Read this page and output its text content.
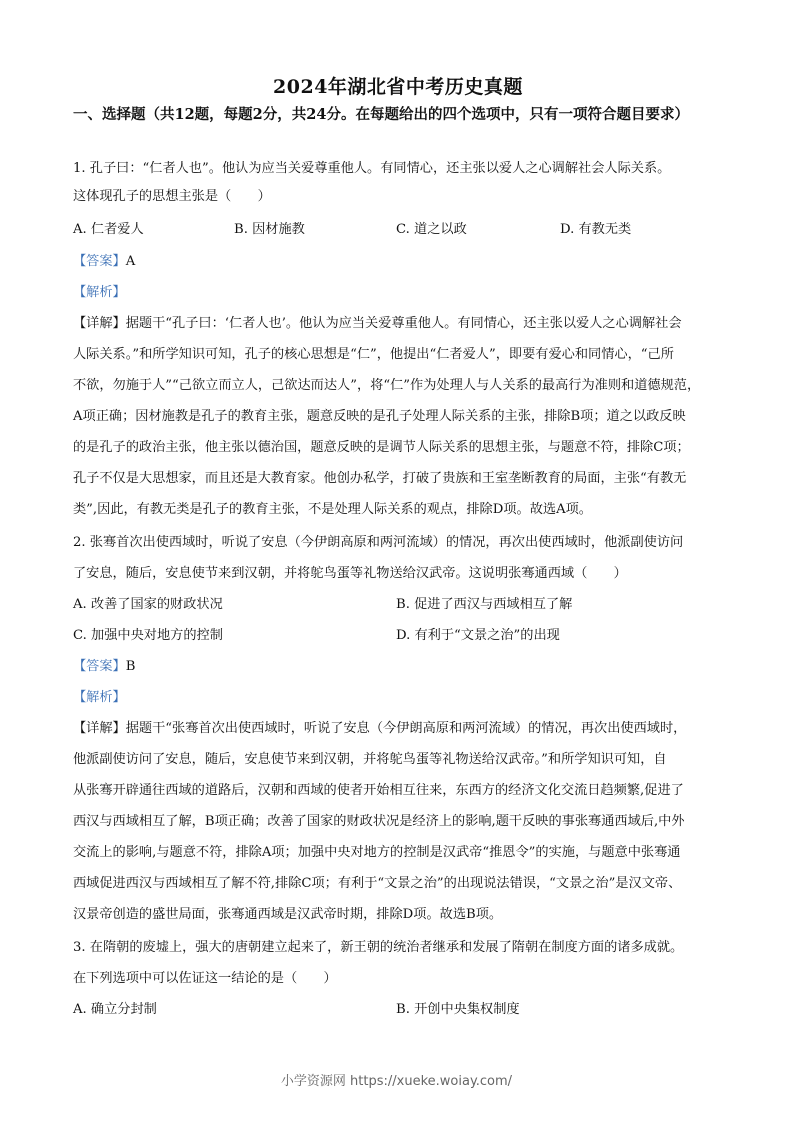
2024年湖北省中考历史真题
一、选择题（共12题，每题2分，共24分。在每题给出的四个选项中，只有一项符合题目要求）
1. 孔子曰：“仁者人也”。他认为应当关爱尊重他人。有同情心，还主张以爱人之心调解社会人际关系。
这体现孔子的思想主张是（　　）
A. 仁者爱人	B. 因材施教	C. 道之以政	D. 有教无类
【答案】A
【解析】
【详解】据题干“孔子曰：‘仁者人也’。他认为应当关爱尊重他人。有同情心，还主张以爱人之心调解社会
人际关系。”和所学知识可知，孔子的核心思想是“仁”，他提出“仁者爱人”，即要有爱心和同情心，“己所
不欲，勿施于人”“己欲立而立人，己欲达而达人”，将“仁”作为处理人与人关系的最高行为准则和道德规范，
A项正确；因材施教是孔子的教育主张，题意反映的是孔子处理人际关系的主张，排除B项；道之以政反映
的是孔子的政治主张，他主张以德治国，题意反映的是调节人际关系的思想主张，与题意不符，排除C项；
孔子不仅是大思想家，而且还是大教育家。他创办私学，打破了贵族和王室垄断教育的局面，主张“有教无
类”,因此，有教无类是孔子的教育主张，不是处理人际关系的观点，排除D项。故选A项。
2. 张骞首次出使西域时，听说了安息（今伊朗高原和两河流域）的情况，再次出使西域时，他派副使访问
了安息，随后，安息使节来到汉朝，并将鸵鸟蛋等礼物送给汉武帝。这说明张骞通西域（　　）
A. 改善了国家的财政状况	B. 促进了西汉与西域相互了解
C. 加强中央对地方的控制	D. 有利于“文景之治”的出现
【答案】B
【解析】
【详解】据题干“张骞首次出使西域时，听说了安息（今伊朗高原和两河流域）的情况，再次出使西域时，
他派副使访问了安息，随后，安息使节来到汉朝，并将鸵鸟蛋等礼物送给汉武帝。”和所学知识可知，自
从张骞开辟通往西域的道路后，汉朝和西域的使者开始相互往来，东西方的经济文化交流日趋频繁,促进了
西汉与西域相互了解，B项正确；改善了国家的财政状况是经济上的影响,题干反映的事张骞通西域后,中外
交流上的影响,与题意不符，排除A项；加强中央对地方的控制是汉武帝“推恩令”的实施，与题意中张骞通
西域促进西汉与西域相互了解不符,排除C项；有利于“文景之治”的出现说法错误，“文景之治”是汉文帝、
汉景帝创造的盛世局面，张骞通西域是汉武帝时期，排除D项。故选B项。
3. 在隋朝的废墟上，强大的唐朝建立起来了，新王朝的统治者继承和发展了隋朝在制度方面的诸多成就。
在下列选项中可以佐证这一结论的是（　　）
A. 确立分封制	B. 开创中央集权制度
小学资源网 https://xueke.woiay.com/
